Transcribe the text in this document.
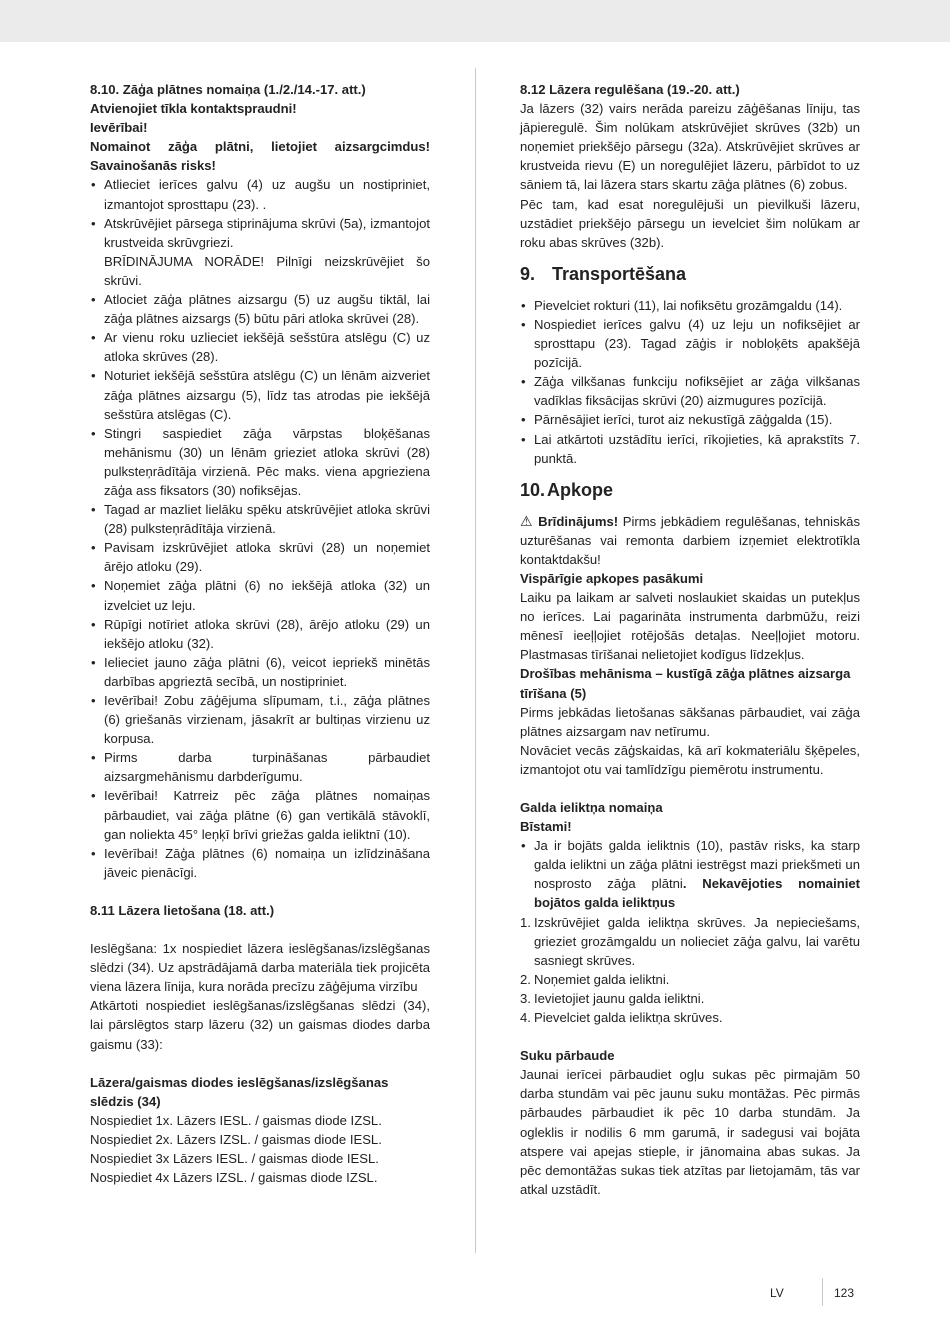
8.10. Zāģa plātnes nomaiņa (1./2./14.-17. att.)

Atvienojiet tīkla kontaktspraudni!

Ievērībai!

Nomainot zāģa plātni, lietojiet aizsargcimdus! Savainošanās risks!

• Atlieciet ierīces galvu (4) uz augšu un nostipriniet, izmantojot sprosttapu (23). .
• Atskrūvējiet pārsega stiprinājuma skrūvi (5a), izmantojot krustveida skrūvgriezi.
BRĪDINĀJUMA NORĀDE! Pilnīgi neizskrūvējiet šo skrūvi.
• Atlociet zāģa plātnes aizsargu (5) uz augšu tiktāl, lai zāģa plātnes aizsargs (5) būtu pāri atloka skrūvei (28).
• Ar vienu roku uzlieciet iekšējā sešstūra atslēgu (C) uz atloka skrūves (28).
• Noturiet iekšējā sešstūra atslēgu (C) un lēnām aizveriet zāģa plātnes aizsargu (5), līdz tas atrodas pie iekšējā sešstūra atslēgas (C).
• Stingri saspiediet zāģa vārpstas bloķēšanas mehānismu (30) un lēnām grieziet atloka skrūvi (28) pulksteņrādītāja virzienā. Pēc maks. viena apgrieziena zāģa ass fiksators (30) nofiksējas.
• Tagad ar mazliet lielāku spēku atskrūvējiet atloka skrūvi (28) pulksteņrādītāja virzienā.
• Pavisam izskrūvējiet atloka skrūvi (28) un noņemiet ārējo atloku (29).
• Noņemiet zāģa plātni (6) no iekšējā atloka (32) un izvelciet uz leju.
• Rūpīgi notīriet atloka skrūvi (28), ārējo atloku (29) un iekšējo atloku (32).
• Ielieciet jauno zāģa plātni (6), veicot iepriekš minētās darbības apgrieztā secībā, un nostipriniet.
• Ievērībai! Zobu zāģējuma slīpumam, t.i., zāģa plātnes (6) griešanās virzienam, jāsakrīt ar bultiņas virzienu uz korpusa.
• Pirms darba turpināšanas pārbaudiet aizsargmehānismu darbderīgumu.
• Ievērībai! Katrreiz pēc zāģa plātnes nomaiņas pārbaudiet, vai zāģa plātne (6) gan vertikālā stāvoklī, gan noliekta 45° leņķī brīvi griežas galda ieliktnī (10).
• Ievērībai! Zāģa plātnes (6) nomaiņa un izlīdzināšana jāveic pienācīgi.

8.11 Lāzera lietošana (18. att.)

Ieslēgšana: 1x nospiediet lāzera ieslēgšanas/izslēgšanas slēdzi (34). Uz apstrādājamā darba materiāla tiek projicēta viena lāzera līnija, kura norāda precīzu zāģējuma virzību

Atkārtoti nospiediet ieslēgšanas/izslēgšanas slēdzi (34), lai pārslēgtos starp lāzeru (32) un gaismas diodes darba gaismu (33):

Lāzera/gaismas diodes ieslēgšanas/izslēgšanas slēdzis (34)

Nospiediet 1x. Lāzers IESL. / gaismas diode IZSL.

Nospiediet 2x. Lāzers IZSL. / gaismas diode IESL.

Nospiediet 3x Lāzers IESL. / gaismas diode IESL.

Nospiediet 4x Lāzers IZSL. / gaismas diode IZSL.

8.12 Lāzera regulēšana (19.-20. att.)

Ja lāzers (32) vairs nerāda pareizu zāģēšanas līniju, tas jāpieregulē. Šim nolūkam atskrūvējiet skrūves (32b) un noņemiet priekšējo pārsegu (32a). Atskrūvējiet skrūves ar krustveida rievu (E) un noregulējiet lāzeru, pārbīdot to uz sāniem tā, lai lāzera stars skartu zāģa plātnes (6) zobus.

Pēc tam, kad esat noregulējuši un pievilkuši lāzeru, uzstādiet priekšējo pārsegu un ievelciet šim nolūkam ar roku abas skrūves (32b).

9. Transportēšana
• Pievelciet rokturi (11), lai nofiksētu grozāmgaldu (14).
• Nospiediet ierīces galvu (4) uz leju un nofiksējiet ar sprosttapu (23). Tagad zāģis ir nobloķēts apakšējā pozīcijā.
• Zāģa vilkšanas funkciju nofiksējiet ar zāģa vilkšanas vadīklas fiksācijas skrūvi (20) aizmugures pozīcijā.
• Pārnēsājiet ierīci, turot aiz nekustīgā zāģgalda (15).
• Lai atkārtoti uzstādītu ierīci, rīkojieties, kā aprakstīts 7. punktā.
10. Apkope

⚠ Brīdinājums! Pirms jebkādiem regulēšanas, tehniskās uzturēšanas vai remonta darbiem izņemiet elektrotīkla kontaktdakšu!

Vispārīgie apkopes pasākumi

Laiku pa laikam ar salveti noslaukiet skaidas un putekļus no ierīces. Lai pagarināta instrumenta darbmūžu, reizi mēnesī ieeļļojiet rotējošās detaļas. Neeļļojiet motoru. Plastmasas tīrīšanai nelietojiet kodīgus līdzekļus.

Drošības mehānisma – kustīgā zāģa plātnes aizsarga tīrīšana (5)

Pirms jebkādas lietošanas sākšanas pārbaudiet, vai zāģa plātnes aizsargam nav netīrumu.

Novāciet vecās zāģskaidas, kā arī kokmateriālu šķēpeles, izmantojot otu vai tamlīdzīgu piemērotu instrumentu.

Galda ieliktņa nomaiņa

Bīstami!

• Ja ir bojāts galda ieliktnis (10), pastāv risks, ka starp galda ieliktni un zāģa plātni iestrēgst mazi priekšmeti un nosprosto zāģa plātni. Nekavējoties nomainiet bojātos galda ieliktņus
1. Izskrūvējiet galda ieliktņa skrūves. Ja nepieciešams, grieziet grozāmgaldu un nolieciet zāģa galvu, lai varētu sasniegt skrūves.
2. Noņemiet galda ieliktni.
3. Ievietojiet jaunu galda ieliktni.
4. Pievelciet galda ieliktņa skrūves.

Suku pārbaude

Jaunai ierīcei pārbaudiet ogļu sukas pēc pirmajām 50 darba stundām vai pēc jaunu suku montāžas. Pēc pirmās pārbaudes pārbaudiet ik pēc 10 darba stundām. Ja ogleklis ir nodilis 6 mm garumā, ir sadegusi vai bojāta atspere vai apejas stieple, ir jānomaina abas sukas. Ja pēc demontāžas sukas tiek atzītas par lietojamām, tās var atkal uzstādīt.

LV	123
